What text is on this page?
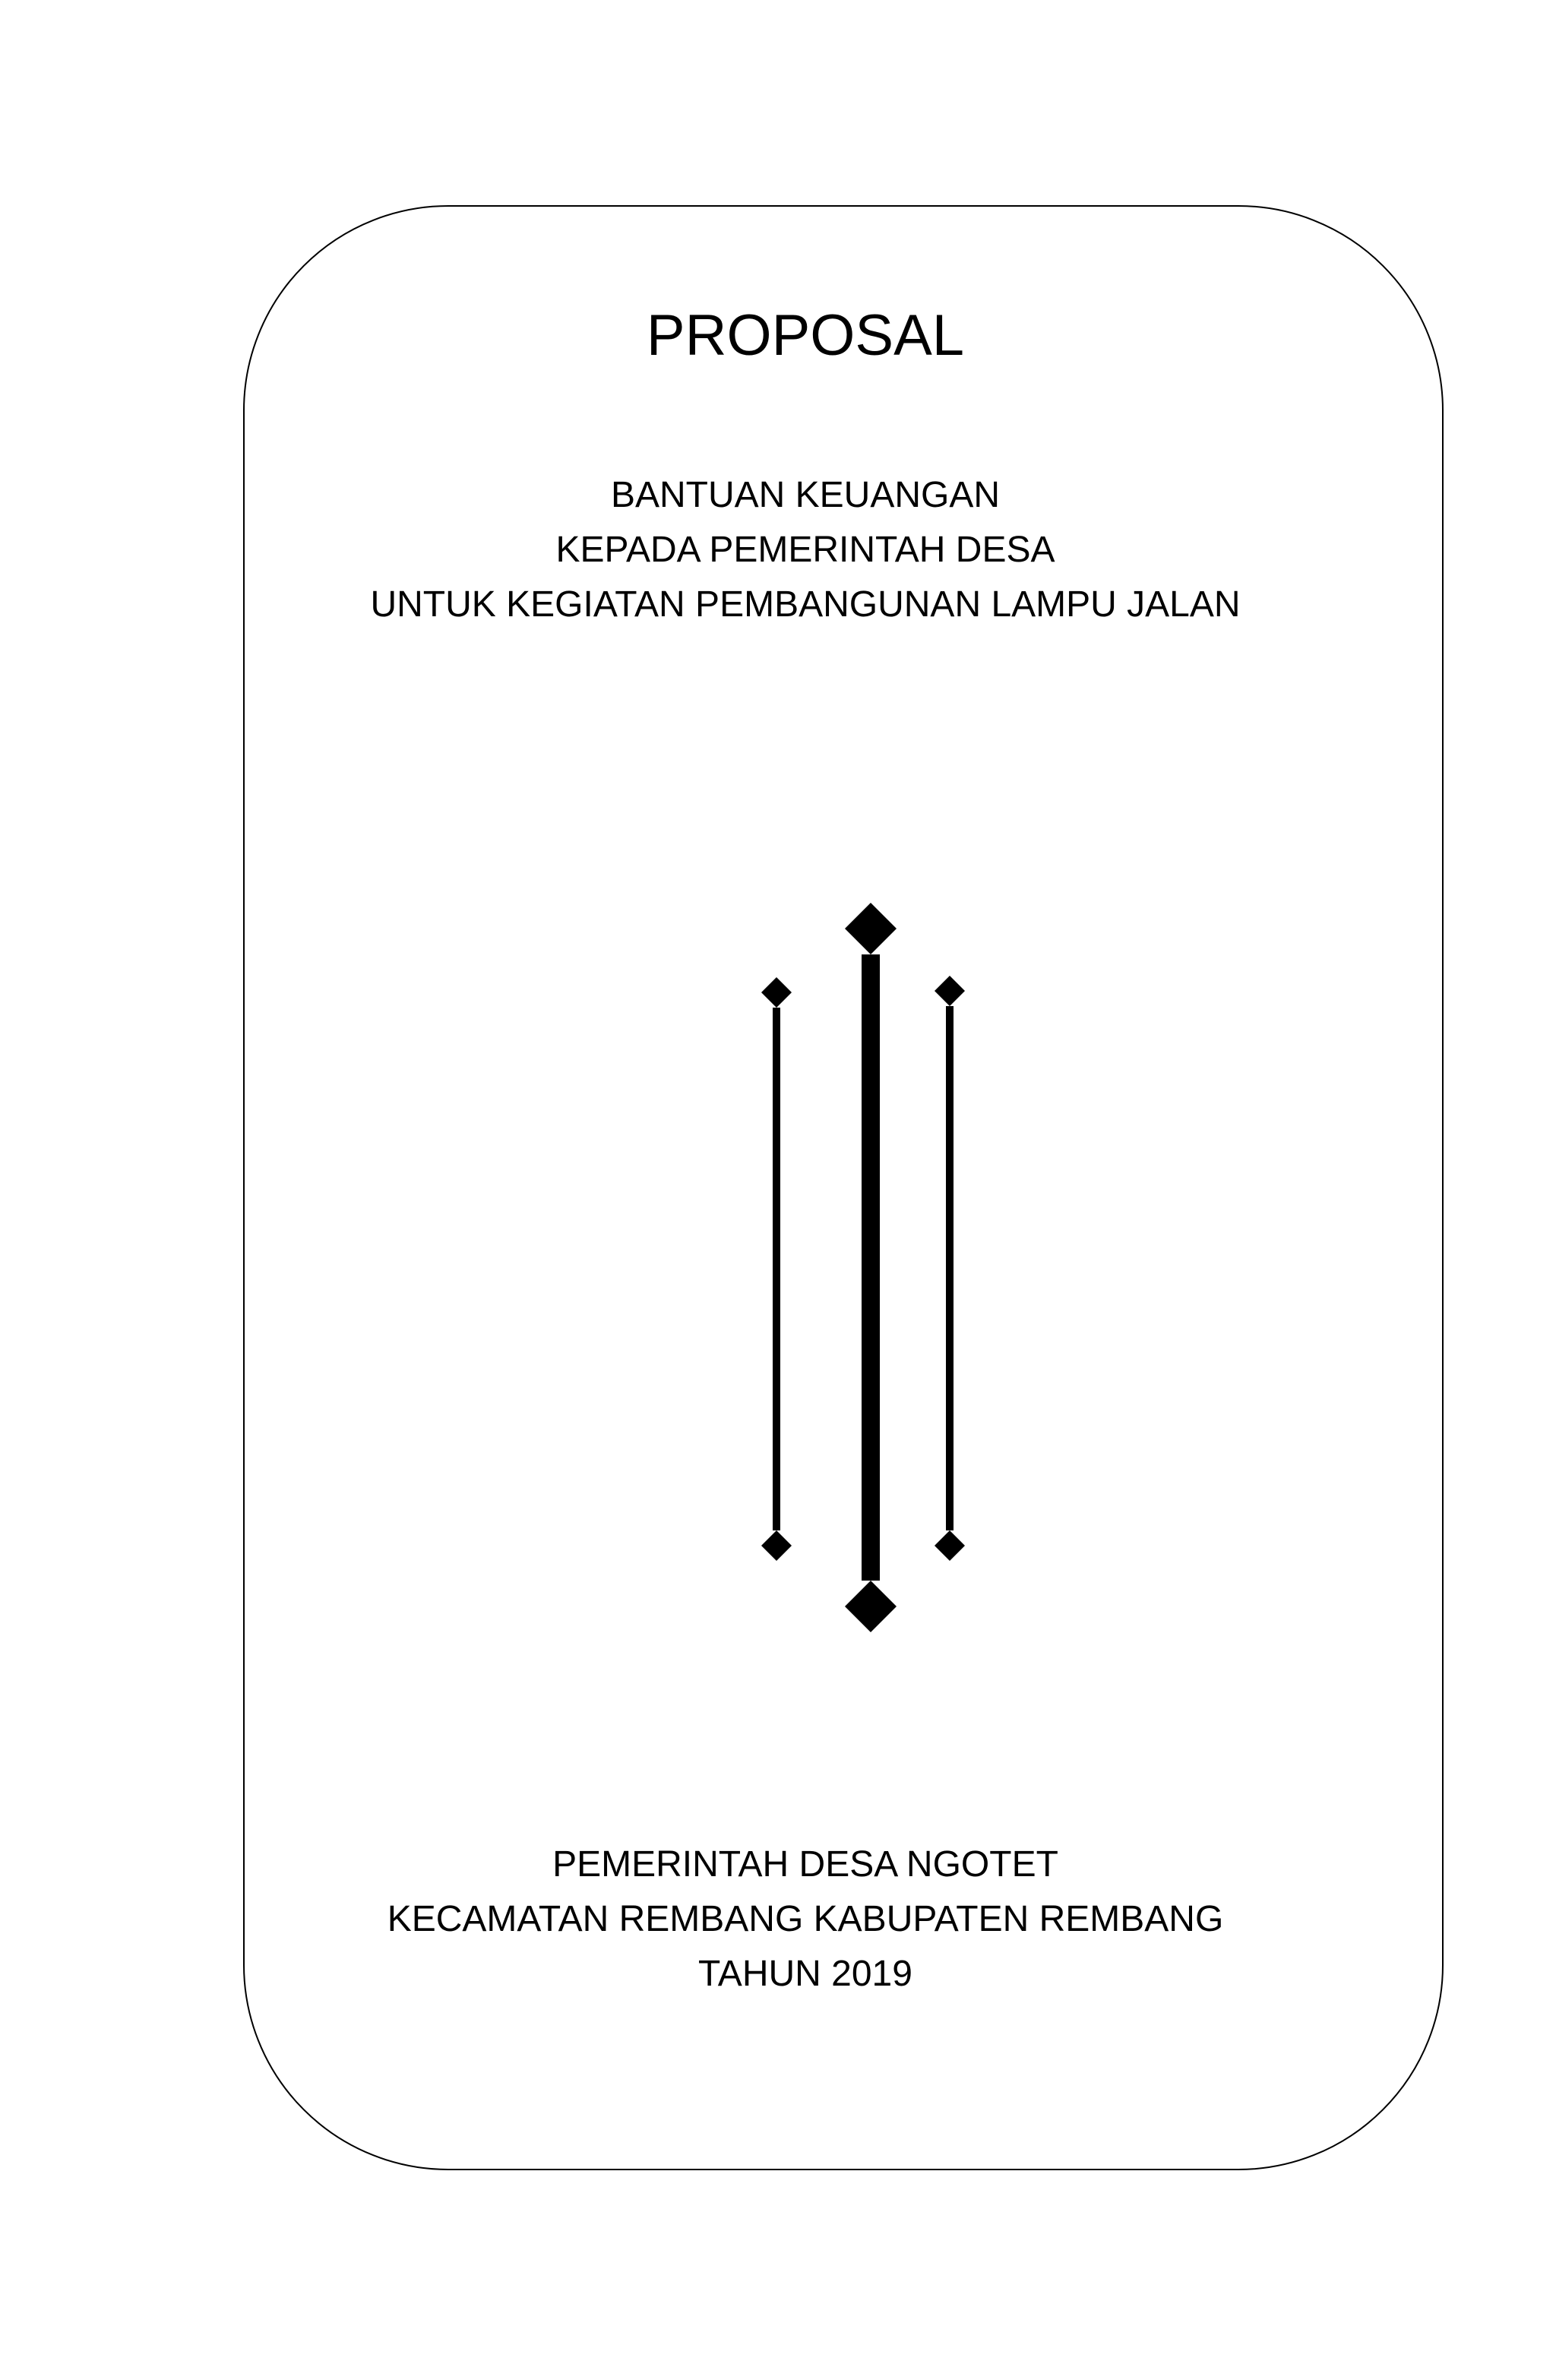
PROPOSAL
BANTUAN KEUANGAN
KEPADA PEMERINTAH DESA
UNTUK KEGIATAN PEMBANGUNAN LAMPU JALAN
PEMERINTAH DESA NGOTET
KECAMATAN REMBANG KABUPATEN REMBANG
TAHUN 2019
